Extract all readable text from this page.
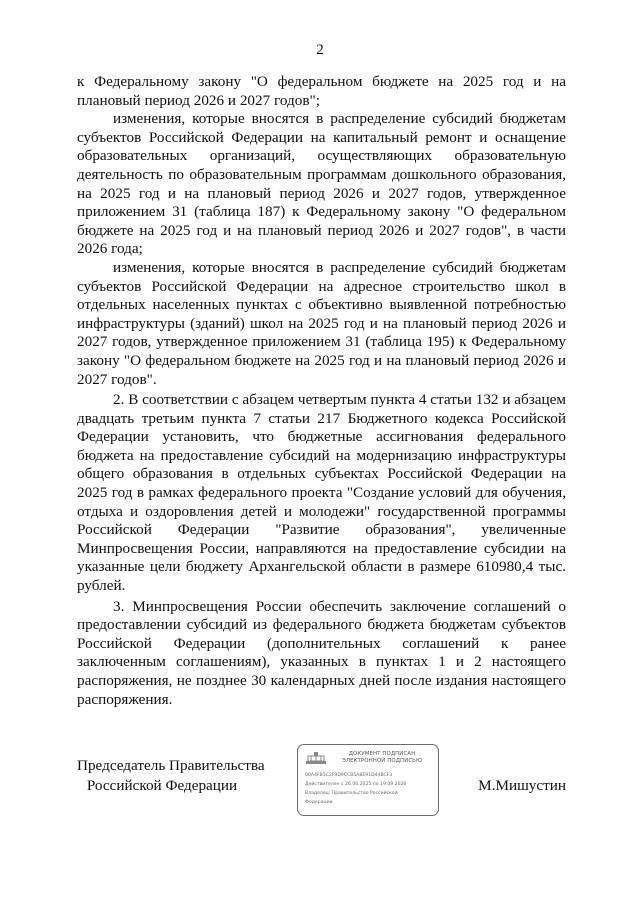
2

к Федеральному закону "О федеральном бюджете на 2025 год и на плановый период 2026 и 2027 годов";

изменения, которые вносятся в распределение субсидий бюджетам субъектов Российской Федерации на капитальный ремонт и оснащение образовательных организаций, осуществляющих образовательную деятельность по образовательным программам дошкольного образования, на 2025 год и на плановый период 2026 и 2027 годов, утвержденное приложением 31 (таблица 187) к Федеральному закону "О федеральном бюджете на 2025 год и на плановый период 2026 и 2027 годов", в части 2026 года;

изменения, которые вносятся в распределение субсидий бюджетам субъектов Российской Федерации на адресное строительство школ в отдельных населенных пунктах с объективно выявленной потребностью инфраструктуры (зданий) школ на 2025 год и на плановый период 2026 и 2027 годов, утвержденное приложением 31 (таблица 195) к Федеральному закону "О федеральном бюджете на 2025 год и на плановый период 2026 и 2027 годов".

2. В соответствии с абзацем четвертым пункта 4 статьи 132 и абзацем двадцать третьим пункта 7 статьи 217 Бюджетного кодекса Российской Федерации установить, что бюджетные ассигнования федерального бюджета на предоставление субсидий на модернизацию инфраструктуры общего образования в отдельных субъектах Российской Федерации на 2025 год в рамках федерального проекта "Создание условий для обучения, отдыха и оздоровления детей и молодежи" государственной программы Российской Федерации "Развитие образования", увеличенные Минпросвещения России, направляются на предоставление субсидии на указанные цели бюджету Архангельской области в размере 610980,4 тыс. рублей.

3. Минпросвещения России обеспечить заключение соглашений о предоставлении субсидий из федерального бюджета бюджетам субъектов Российской Федерации (дополнительных соглашений к ранее заключенным соглашениям), указанных в пунктах 1 и 2 настоящего распоряжения, не позднее 30 календарных дней после издания настоящего распоряжения.

Председатель Правительства
Российской Федерации
ДОКУМЕНТ ПОДПИСАН
ЭЛЕКТРОННОЙ ПОДПИСЬЮ
00A4FB5C2F9D9CCB5A8E91D44BCF3
Действителен с 26.06.2025 по 19.09.2026
Владелец: Правительство Российской
Федерации
М.Мишустин
